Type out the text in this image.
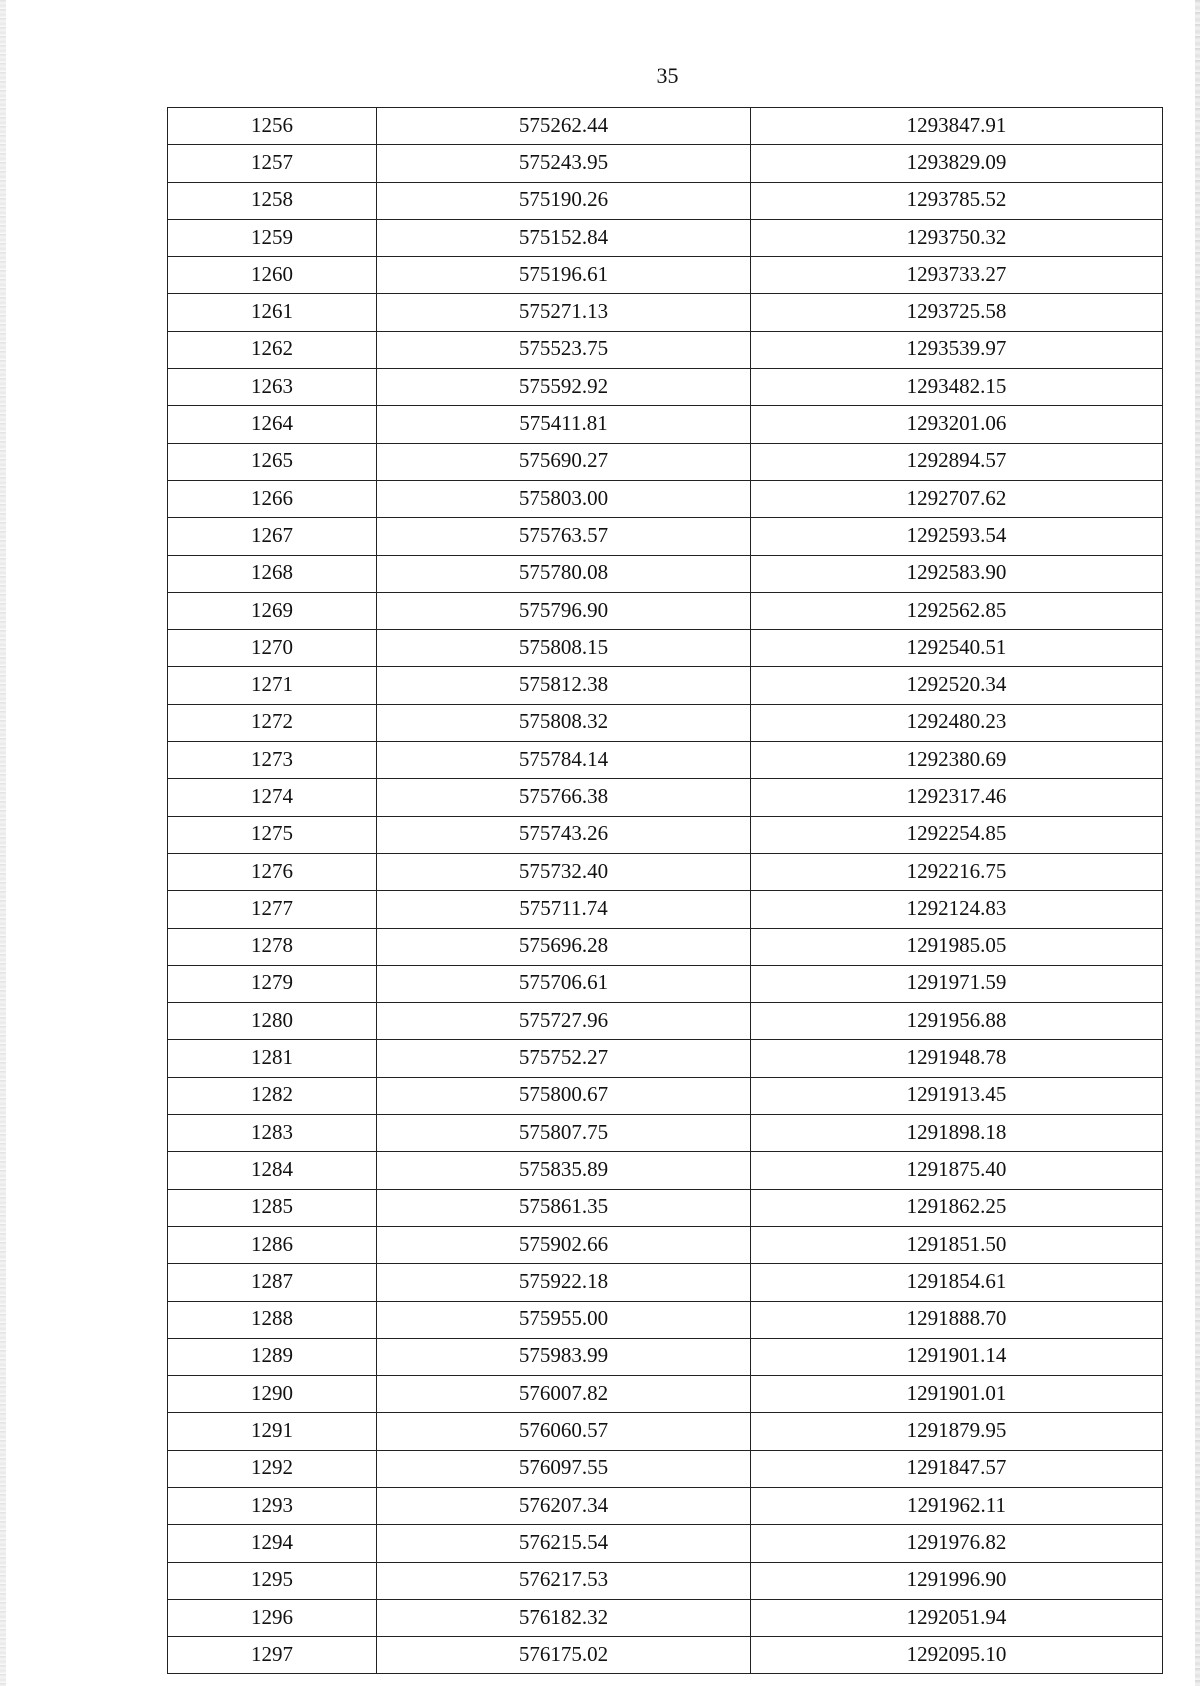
35
1256	575262.44	1293847.91
1257	575243.95	1293829.09
1258	575190.26	1293785.52
1259	575152.84	1293750.32
1260	575196.61	1293733.27
1261	575271.13	1293725.58
1262	575523.75	1293539.97
1263	575592.92	1293482.15
1264	575411.81	1293201.06
1265	575690.27	1292894.57
1266	575803.00	1292707.62
1267	575763.57	1292593.54
1268	575780.08	1292583.90
1269	575796.90	1292562.85
1270	575808.15	1292540.51
1271	575812.38	1292520.34
1272	575808.32	1292480.23
1273	575784.14	1292380.69
1274	575766.38	1292317.46
1275	575743.26	1292254.85
1276	575732.40	1292216.75
1277	575711.74	1292124.83
1278	575696.28	1291985.05
1279	575706.61	1291971.59
1280	575727.96	1291956.88
1281	575752.27	1291948.78
1282	575800.67	1291913.45
1283	575807.75	1291898.18
1284	575835.89	1291875.40
1285	575861.35	1291862.25
1286	575902.66	1291851.50
1287	575922.18	1291854.61
1288	575955.00	1291888.70
1289	575983.99	1291901.14
1290	576007.82	1291901.01
1291	576060.57	1291879.95
1292	576097.55	1291847.57
1293	576207.34	1291962.11
1294	576215.54	1291976.82
1295	576217.53	1291996.90
1296	576182.32	1292051.94
1297	576175.02	1292095.10
